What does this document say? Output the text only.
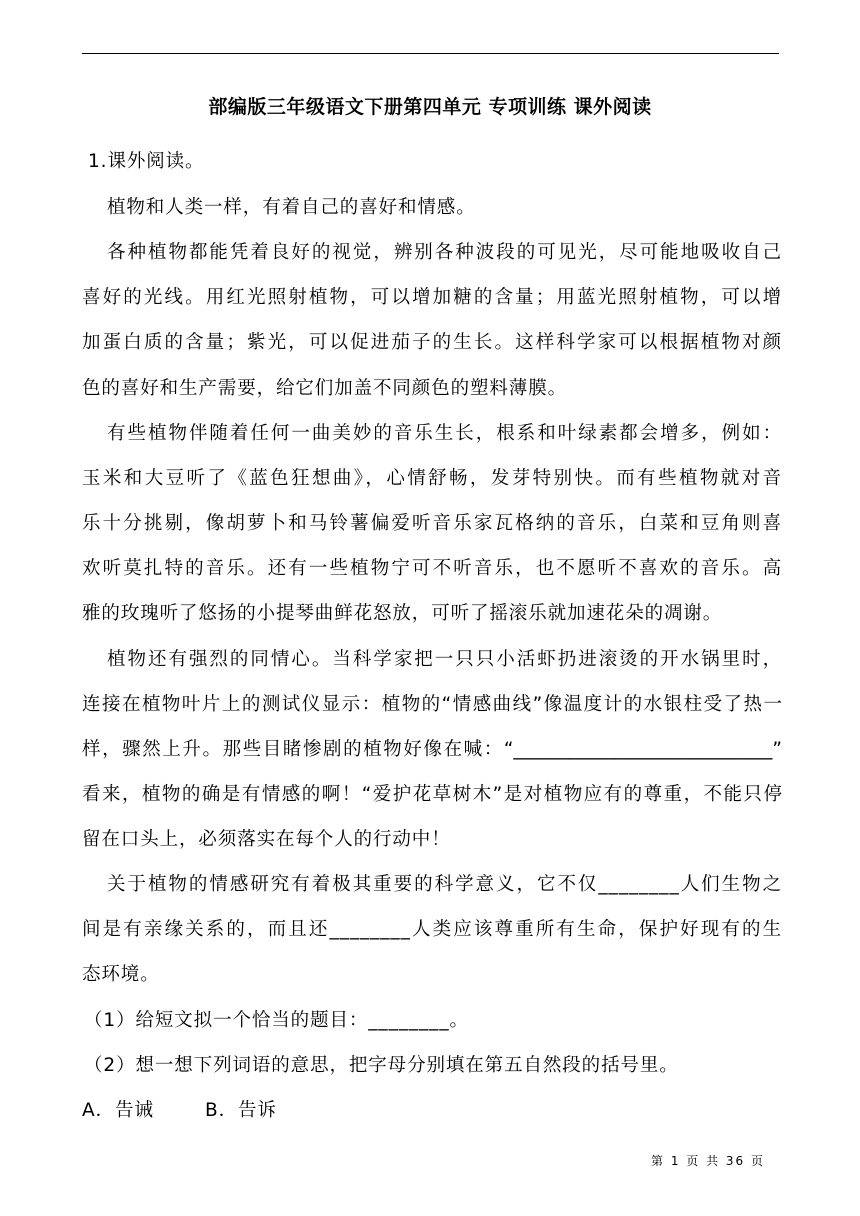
部编版三年级语文下册第四单元 专项训练 课外阅读
1.课外阅读。
植物和人类一样，有着自己的喜好和情感。
各种植物都能凭着良好的视觉，辨别各种波段的可见光，尽可能地吸收自己
喜好的光线。用红光照射植物，可以增加糖的含量；用蓝光照射植物，可以增
加蛋白质的含量；紫光，可以促进茄子的生长。这样科学家可以根据植物对颜
色的喜好和生产需要，给它们加盖不同颜色的塑料薄膜。
有些植物伴随着任何一曲美妙的音乐生长，根系和叶绿素都会增多，例如：
玉米和大豆听了《蓝色狂想曲》，心情舒畅，发芽特别快。而有些植物就对音
乐十分挑剔，像胡萝卜和马铃薯偏爱听音乐家瓦格纳的音乐，白菜和豆角则喜
欢听莫扎特的音乐。还有一些植物宁可不听音乐，也不愿听不喜欢的音乐。高
雅的玫瑰听了悠扬的小提琴曲鲜花怒放，可听了摇滚乐就加速花朵的凋谢。
植物还有强烈的同情心。当科学家把一只只小活虾扔进滚烫的开水锅里时，
连接在植物叶片上的测试仪显示：植物的“情感曲线”像温度计的水银柱受了热一
样，骤然上升。那些目睹惨剧的植物好像在喊：“____________________________”
看来，植物的确是有情感的啊！“爱护花草树木”是对植物应有的尊重，不能只停
留在口头上，必须落实在每个人的行动中！
关于植物的情感研究有着极其重要的科学意义，它不仅________人们生物之
间是有亲缘关系的，而且还________人类应该尊重所有生命，保护好现有的生
态环境。
（1）给短文拟一个恰当的题目：________。
（2）想一想下列词语的意思，把字母分别填在第五自然段的括号里。
A．告诫	B．告诉
第 1 页 共 36 页
